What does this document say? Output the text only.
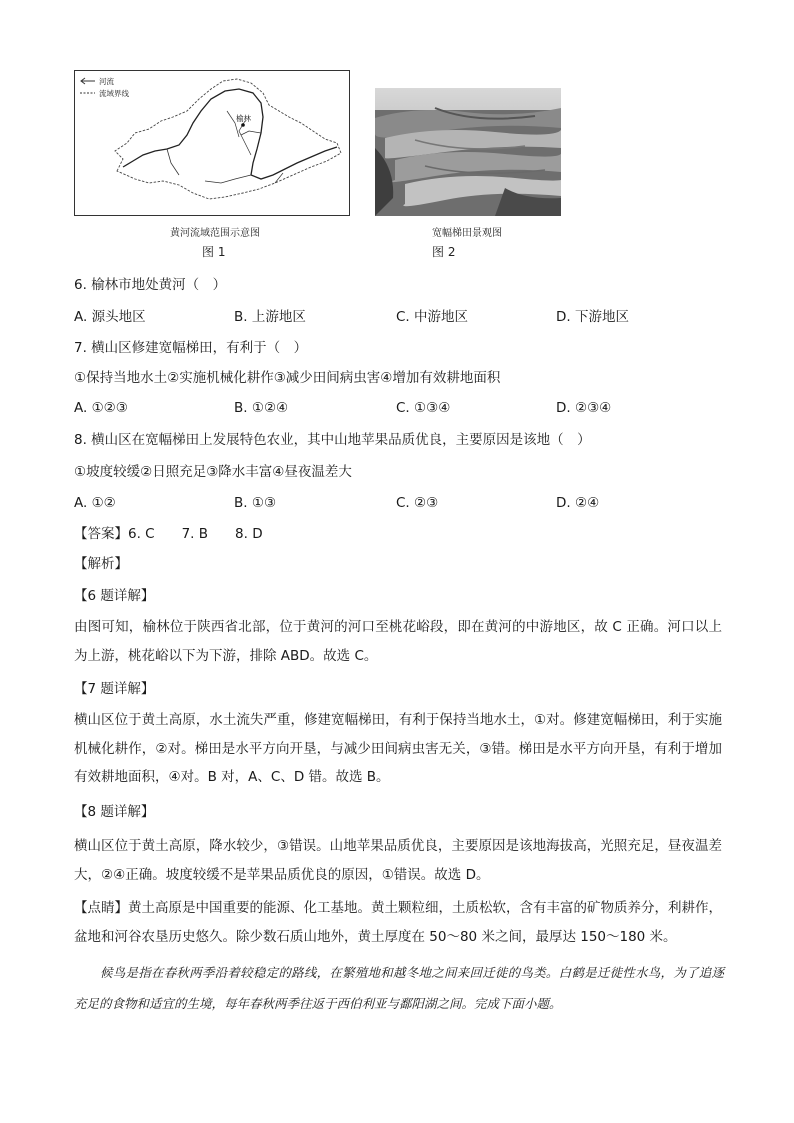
河流
流域界线
榆林
黄河流域范围示意图	宽幅梯田景观图
图 1	图 2
6. 榆林市地处黄河（　）
A. 源头地区	B. 上游地区	C. 中游地区	D. 下游地区
7. 横山区修建宽幅梯田，有利于（　）
①保持当地水土②实施机械化耕作③减少田间病虫害④增加有效耕地面积
A. ①②③	B. ①②④	C. ①③④	D. ②③④
8. 横山区在宽幅梯田上发展特色农业，其中山地苹果品质优良，主要原因是该地（　）
①坡度较缓②日照充足③降水丰富④昼夜温差大
A. ①②	B. ①③	C. ②③	D. ②④
【答案】6. C　　7. B　　8. D
【解析】
【6 题详解】
由图可知，榆林位于陕西省北部，位于黄河的河口至桃花峪段，即在黄河的中游地区，故 C 正确。河口以上为上游，桃花峪以下为下游，排除 ABD。故选 C。
【7 题详解】
横山区位于黄土高原，水土流失严重，修建宽幅梯田，有利于保持当地水土，①对。修建宽幅梯田，利于实施机械化耕作，②对。梯田是水平方向开垦，与减少田间病虫害无关，③错。梯田是水平方向开垦，有利于增加有效耕地面积，④对。B 对，A、C、D 错。故选 B。
【8 题详解】
横山区位于黄土高原，降水较少，③错误。山地苹果品质优良，主要原因是该地海拔高，光照充足，昼夜温差大，②④正确。坡度较缓不是苹果品质优良的原因，①错误。故选 D。
【点睛】黄土高原是中国重要的能源、化工基地。黄土颗粒细，土质松软，含有丰富的矿物质养分，利耕作，盆地和河谷农垦历史悠久。除少数石质山地外，黄土厚度在 50～80 米之间，最厚达 150～180 米。
候鸟是指在春秋两季沿着较稳定的路线，在繁殖地和越冬地之间来回迁徙的鸟类。白鹤是迁徙性水鸟，为了追逐充足的食物和适宜的生境，每年春秋两季往返于西伯利亚与鄱阳湖之间。完成下面小题。
